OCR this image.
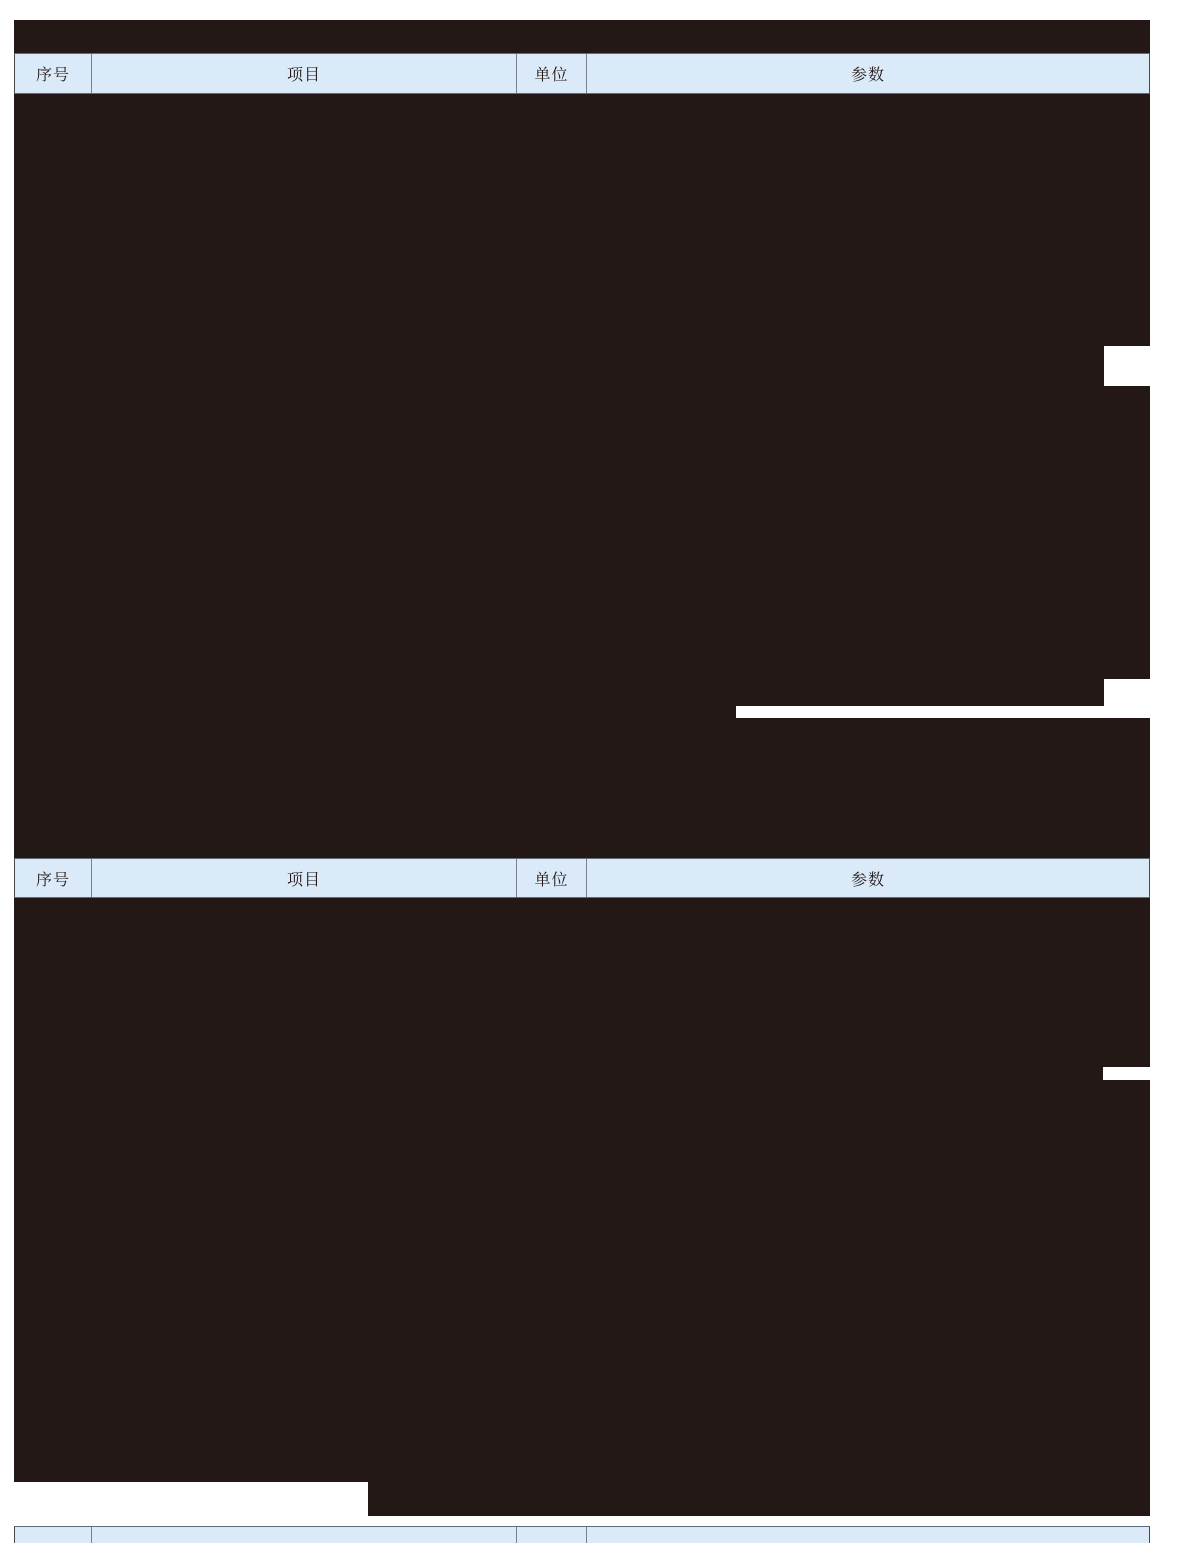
序号	项目	单位	参数
序号	项目	单位	参数
